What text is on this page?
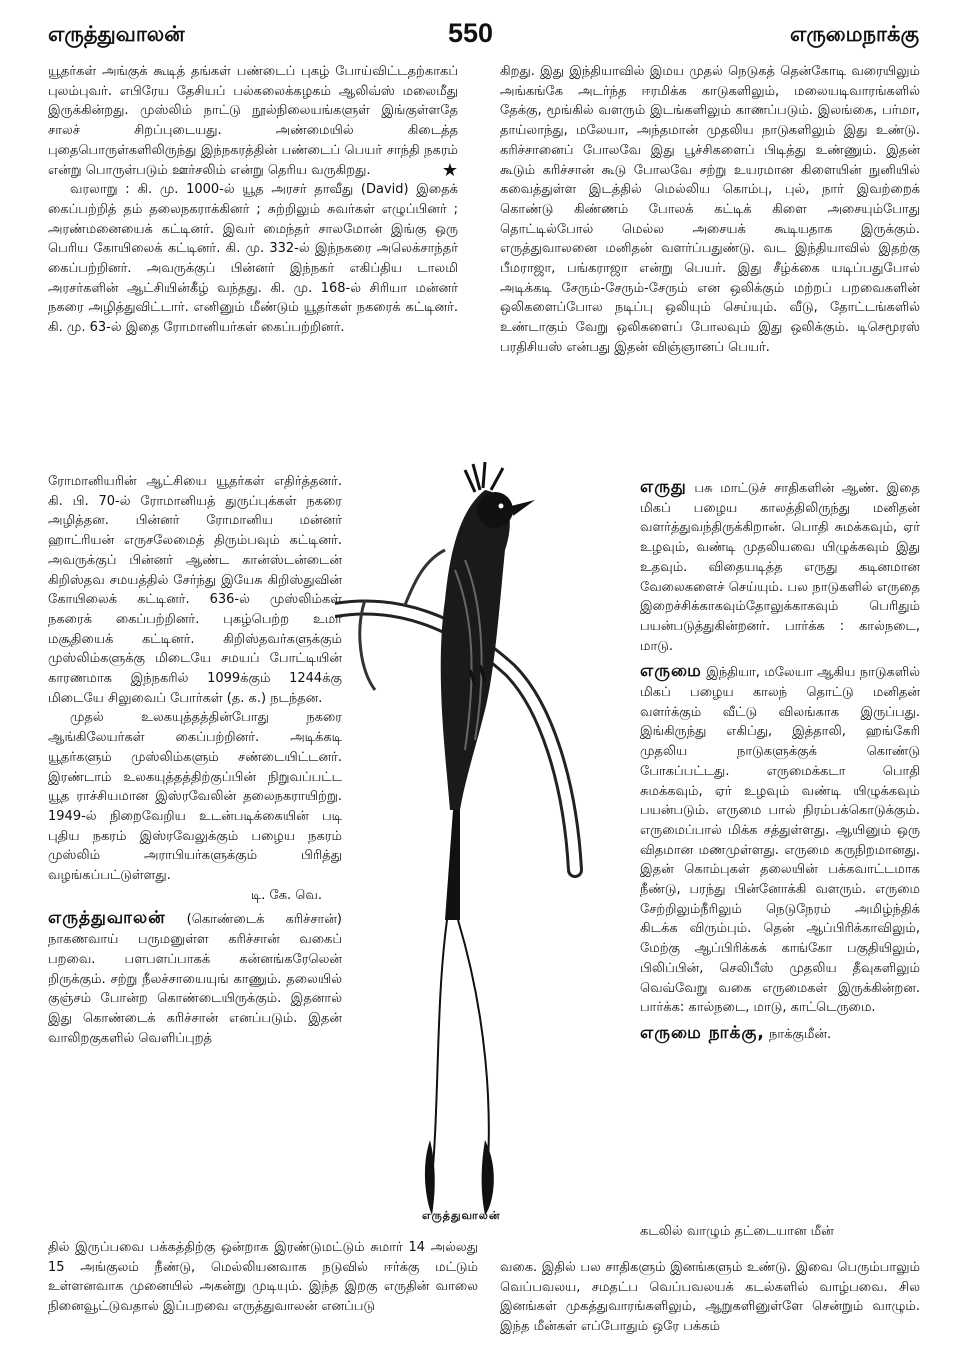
எருத்துவாலன்	550	எருமைநாக்கு

யூதர்கள் அங்குக் கூடித் தங்கள் பண்டைப் புகழ் போய்விட்டதற்காகப் புலம்புவர். எபிரேய தேசியப் பல்கலைக்கழகம் ஆலிவ்ஸ் மலைமீது இருக்கின்றது. முஸ்லிம் நாட்டு நூல்நிலையங்களுள் இங்குள்ளதே சாலச் சிறப்புடையது. அண்மையில் கிடைத்த புதைபொருள்களிலிருந்து இந்நகரத்தின் பண்டைப் பெயர் சாந்தி நகரம் என்று பொருள்படும் ஊர்சலிம் என்று தெரிய வருகிறது.	★

வரலாறு : கி. மு. 1000-ல் யூத அரசர் தாவீது (David) இதைக் கைப்பற்றித் தம் தலைநகராக்கினர் ; சுற்றிலும் சுவர்கள் எழுப்பினர் ; அரண்மனையைக் கட்டினர். இவர் மைந்தர் சாலமோன் இங்கு ஒரு பெரிய கோயிலைக் கட்டினர். கி. மு. 332-ல் இந்நகரை அலெக்சாந்தர் கைப்பற்றினர். அவருக்குப் பின்னர் இந்நகர் எகிப்திய டாலமி அரசர்களின் ஆட்சியின்கீழ் வந்தது. கி. மு. 168-ல் சிரியா மன்னர் நகரை அழித்துவிட்டார். எனினும் மீண்டும் யூதர்கள் நகரைக் கட்டினர். கி. மு. 63-ல் இதை ரோமானியர்கள் கைப்பற்றினர்.

ரோமானியரின் ஆட்சியை யூதர்கள் எதிர்த்தனர். கி. பி. 70-ல் ரோமானியத் துருப்புக்கள் நகரை அழித்தன. பின்னர் ரோமானிய மன்னர் ஹாட்ரியன் எருசலேமைத் திரும்பவும் கட்டினர். அவருக்குப் பின்னர் ஆண்ட கான்ஸ்டன்டைன் கிறிஸ்தவ சமயத்தில் சேர்ந்து இயேசு கிறிஸ்துவின் கோயிலைக் கட்டினர். 636-ல் முஸ்லிம்கள் நகரைக் கைப்பற்றினர். புகழ்பெற்ற உமர் மசூதியைக் கட்டினர். கிறிஸ்தவர்களுக்கும் முஸ்லிம்களுக்கு மிடையே சமயப் போட்டியின் காரணமாக இந்நகரில் 1099க்கும் 1244க்கு மிடையே சிலுவைப் போர்கள் (த. க.) நடந்தன.

முதல் உலகயுத்தத்தின்போது நகரை ஆங்கிலேயர்கள் கைப்பற்றினர். அடிக்கடி யூதர்களும் முஸ்லிம்களும் சண்டையிட்டனர். இரண்டாம் உலகயுத்தத்திற்குப்பின் நிறுவப்பட்ட யூத ராச்சியமான இஸ்ரவேலின் தலைநகராயிற்று. 1949-ல் நிறைவேறிய உடன்படிக்கையின் படி புதிய நகரம் இஸ்ரவேலுக்கும் பழைய நகரம் முஸ்லிம் அராபியர்களுக்கும் பிரித்து வழங்கப்பட்டுள்ளது.

டி. கே. வெ.

எருத்துவாலன் (கொண்டைக் கரிச்சான்) நாகணவாய் பருமனுள்ள கரிச்சான் வகைப் பறவை. பளபளப்பாகக் கன்னங்கரேலென் றிருக்கும். சற்று நீலச்சாயையுங் காணும். தலையில் குஞ்சம் போன்ற கொண்டையிருக்கும். இதனால் இது கொண்டைக் கரிச்சான் எனப்படும். இதன் வாலிறகுகளில் வெளிப்புறத்

தில் இருப்பவை பக்கத்திற்கு ஒன்றாக இரண்டுமட்டும் சுமார் 14 அல்லது 15 அங்குலம் நீண்டு, மெல்லியனவாக நடுவில் ஈர்க்கு மட்டும் உள்ளனவாக முனையில் அகன்று முடியும். இந்த இறகு எருதின் வாலை நினைவூட்டுவதால் இப்பறவை எருத்துவாலன் எனப்படு

கிறது. இது இந்தியாவில் இமய முதல் நெடுகத் தென்கோடி வரையிலும் அங்கங்கே அடர்ந்த ஈரமிக்க காடுகளிலும், மலையடிவாரங்களில் தேக்கு, மூங்கில் வளரும் இடங்களிலும் காணப்படும். இலங்கை, பர்மா, தாய்லாந்து, மலேயா, அந்தமான் முதலிய நாடுகளிலும் இது உண்டு. கரிச்சானைப் போலவே இது பூச்சிகளைப் பிடித்து உண்ணும். இதன் கூடும் கரிச்சான் கூடு போலவே சற்று உயரமான கிளையின் நுனியில் கவைத்துள்ள இடத்தில் மெல்லிய கொம்பு, புல், நார் இவற்றைக் கொண்டு கிண்ணம் போலக் கட்டிக் கிளை அசையும்போது தொட்டில்போல் மெல்ல அசையக் கூடியதாக இருக்கும். எருத்துவாலனை மனிதன் வளர்ப்பதுண்டு. வட இந்தியாவில் இதற்கு பீமராஜா, பங்கராஜா என்று பெயர். இது சீழ்க்கை யடிப்பதுபோல் அடிக்கடி சேரும்-சேரும்-சேரும் என ஒலிக்கும் மற்றப் பறவைகளின் ஒலிகளைப்போல நடிப்பு ஒலியும் செய்யும். வீடு, தோட்டங்களில் உண்டாகும் வேறு ஒலிகளைப் போலவும் இது ஒலிக்கும். டிசெமூரஸ் பரதிசியஸ் என்பது இதன் விஞ்ஞானப் பெயர்.

எருது பசு மாட்டுச் சாதிகளின் ஆண். இதை மிகப் பழைய காலத்திலிருந்து மனிதன் வளர்த்துவந்திருக்கிறான். பொதி சுமக்கவும், ஏர் உழவும், வண்டி முதலியவை யிழுக்கவும் இது உதவும். விதையடித்த எருது கடினமான வேலைகளைச் செய்யும். பல நாடுகளில் எருதை இறைச்சிக்காகவும்தோலுக்காகவும் பெரிதும் பயன்படுத்துகின்றனர். பார்க்க : கால்நடை, மாடு.

எருமை இந்தியா, மலேயா ஆகிய நாடுகளில் மிகப் பழைய காலந் தொட்டு மனிதன் வளர்க்கும் வீட்டு விலங்காக இருப்பது. இங்கிருந்து எகிப்து, இத்தாலி, ஹங்கேரி முதலிய நாடுகளுக்குக் கொண்டு போகப்பட்டது. எருமைக்கடா பொதி சுமக்கவும், ஏர் உழவும் வண்டி யிழுக்கவும் பயன்படும். எருமை பால் நிரம்பக்கொடுக்கும். எருமைப்பால் மிக்க சத்துள்ளது. ஆயினும் ஒரு விதமான மணமுள்ளது. எருமை கருநிறமானது. இதன் கொம்புகள் தலையின் பக்கவாட்டமாக நீண்டு, பரந்து பின்னோக்கி வளரும். எருமை சேற்றிலும்நீரிலும் நெடுநேரம் அமிழ்ந்திக் கிடக்க விரும்பும். தென் ஆப்பிரிக்காவிலும், மேற்கு ஆப்பிரிக்கக் காங்கோ பகுதியிலும், பிலிப்பின், செலிபீஸ் முதலிய தீவுகளிலும் வெவ்வேறு வகை எருமைகள் இருக்கின்றன. பார்க்க: கால்நடை, மாடு, காட்டெருமை.

எருமை நாக்கு, நாக்குமீன்.

கடலில் வாழும் தட்டையான மீன்
வகை. இதில் பல சாதிகளும் இனங்களும் உண்டு. இவை பெரும்பாலும் வெப்பவலய, சமதட்ப வெப்பவலயக் கடல்களில் வாழ்பவை. சில இனங்கள் முகத்துவாரங்களிலும், ஆறுகளினுள்ளே சென்றும் வாழும். இந்த மீன்கள் எப்போதும் ஒரே பக்கம்
எருத்துவாலன்
